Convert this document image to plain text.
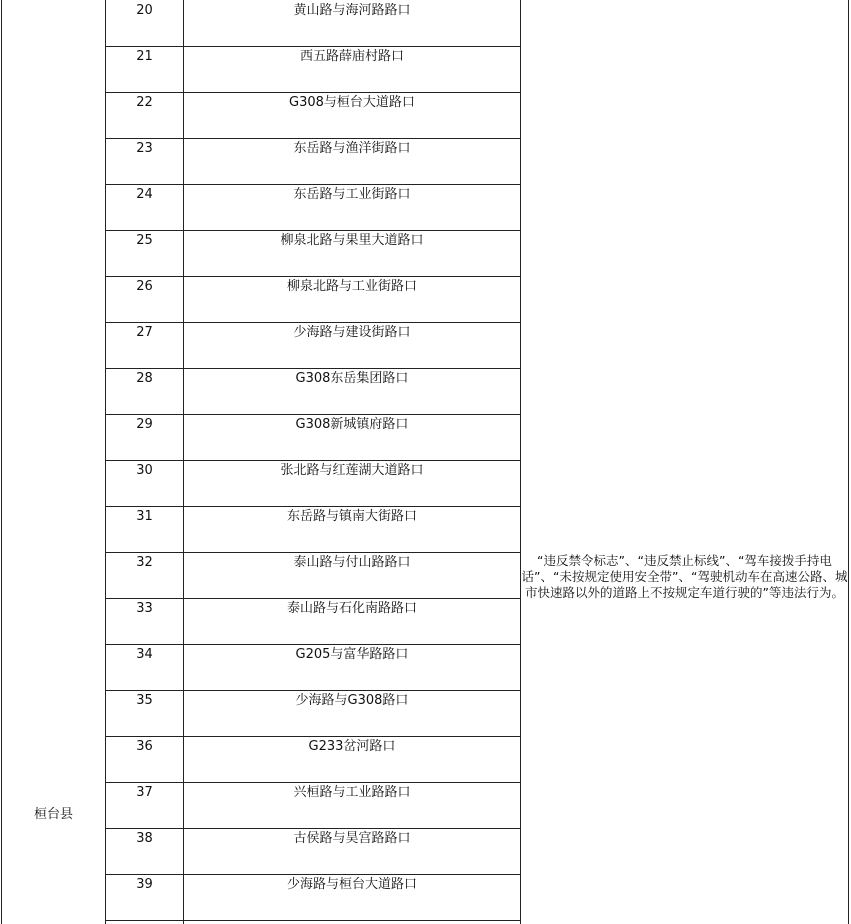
20	黄山路与海河路路口
21	西五路薛庙村路口
22	G308与桓台大道路口
23	东岳路与渔洋街路口
24	东岳路与工业街路口
25	柳泉北路与果里大道路口
26	柳泉北路与工业街路口
27	少海路与建设街路口
28	G308东岳集团路口
29	G308新城镇府路口
30	张北路与红莲湖大道路口
31	东岳路与镇南大街路口
32	泰山路与付山路路口
33	泰山路与石化南路路口
34	G205与富华路路口
35	少海路与G308路口
36	G233岔河路口
37	兴桓路与工业路路口
38	古侯路与昊宫路路口
39	少海路与桓台大道路口
桓台县
“违反禁令标志”、“违反禁止标线”、“驾车接拨手持电话”、“未按规定使用安全带”、“驾驶机动车在高速公路、城市快速路以外的道路上不按规定车道行驶的”等违法行为。
